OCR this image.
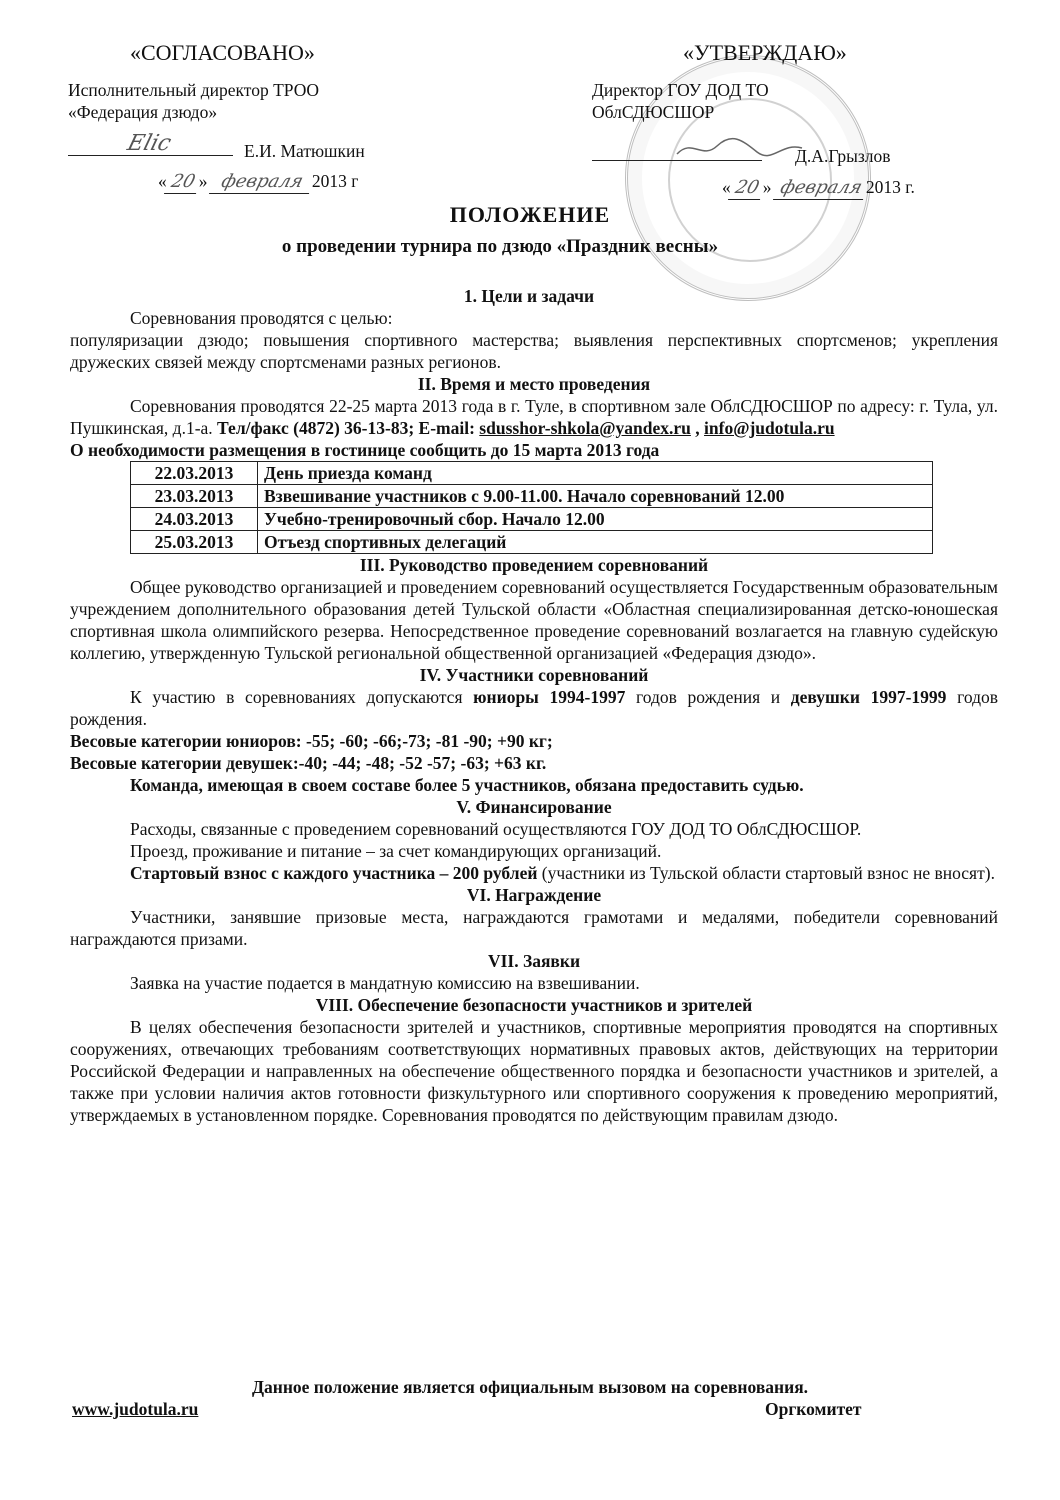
«СОГЛАСОВАНО»
Исполнительный директор ТРОО
«Федерация дзюдо»
Elic	Е.И. Матюшкин
« 20» февраля 2013 г
«УТВЕРЖДАЮ»
Директор ГОУ ДОД ТО
ОблСДЮСШОР
Д.А.Грызлов
« 20» февраля2013 г.
ПОЛОЖЕНИЕ
о проведении турнира по дзюдо «Праздник весны»
1. Цели и задачи
Соревнования проводятся с целью:
популяризации дзюдо; повышения спортивного мастерства; выявления перспективных спортсменов; укрепления дружеских связей между спортсменами разных регионов.
II. Время и место проведения
Соревнования проводятся 22-25 марта 2013 года в г. Туле, в спортивном зале ОблСДЮСШОР по адресу: г. Тула, ул. Пушкинская, д.1-а. Тел/факс (4872) 36-13-83; E-mail: sdusshor-shkola@yandex.ru , info@judotula.ru
О необходимости размещения в гостинице сообщить до 15 марта 2013 года
22.03.2013	День приезда команд
23.03.2013	Взвешивание участников с 9.00-11.00. Начало соревнований 12.00
24.03.2013	Учебно-тренировочный сбор. Начало 12.00
25.03.2013	Отъезд спортивных делегаций
III. Руководство проведением соревнований
Общее руководство организацией и проведением соревнований осуществляется Государственным образовательным учреждением дополнительного образования детей Тульской области «Областная специализированная детско-юношеская спортивная школа олимпийского резерва. Непосредственное проведение соревнований возлагается на главную судейскую коллегию, утвержденную Тульской региональной общественной организацией «Федерация дзюдо».
IV. Участники соревнований
К участию в соревнованиях допускаются юниоры 1994-1997 годов рождения и девушки 1997-1999 годов рождения.
Весовые категории юниоров: -55; -60; -66;-73; -81 -90; +90 кг;
Весовые категории девушек:-40; -44; -48; -52 -57; -63; +63 кг.
Команда, имеющая в своем составе более 5 участников, обязана предоставить судью.
V. Финансирование
Расходы, связанные с проведением соревнований осуществляются ГОУ ДОД ТО ОблСДЮСШОР.
Проезд, проживание и питание – за счет командирующих организаций.
Стартовый взнос с каждого участника – 200 рублей (участники из Тульской области стартовый взнос не вносят).
VI. Награждение
Участники, занявшие призовые места, награждаются грамотами и медалями, победители соревнований награждаются призами.
VII. Заявки
Заявка на участие подается в мандатную комиссию на взвешивании.
VIII. Обеспечение безопасности участников и зрителей
В целях обеспечения безопасности зрителей и участников, спортивные мероприятия проводятся на спортивных сооружениях, отвечающих требованиям соответствующих нормативных правовых актов, действующих на территории Российской Федерации и направленных на обеспечение общественного порядка и безопасности участников и зрителей, а также при условии наличия актов готовности физкультурного или спортивного сооружения к проведению мероприятий, утверждаемых в установленном порядке. Соревнования проводятся по действующим правилам дзюдо.
Данное положение является официальным вызовом на соревнования.
www.judotula.ru	Оргкомитет
